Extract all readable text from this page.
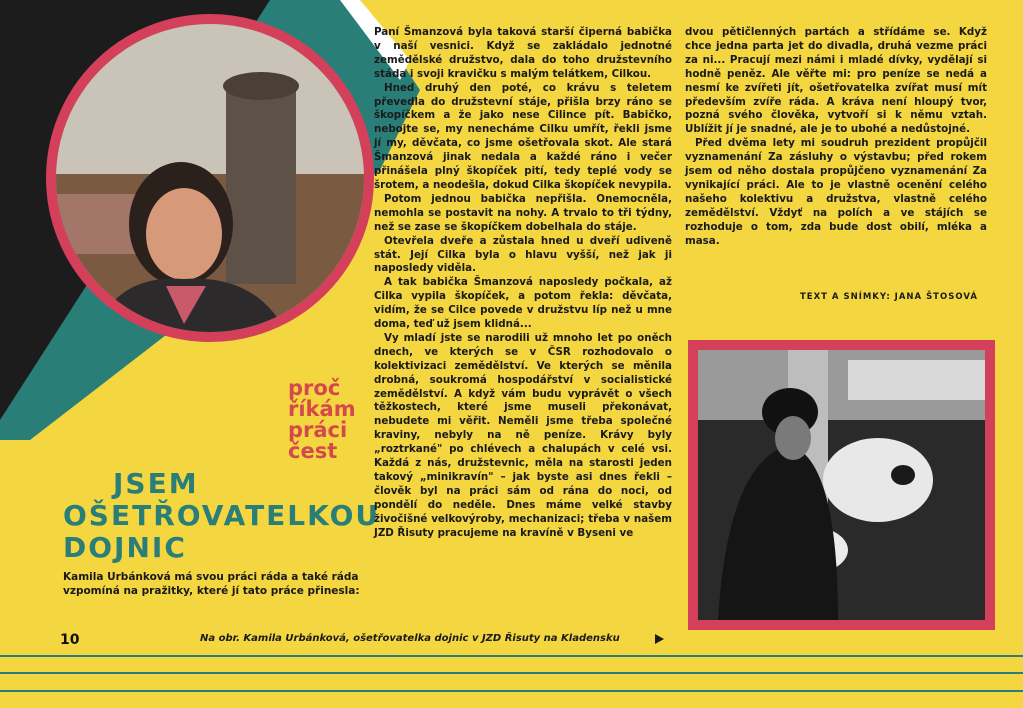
proč
říkám
práci
čest
JSEM
OŠETŘOVATELKOU
DOJNIC
Kamila Urbánková má svou práci ráda a také ráda vzpomíná na pražitky, které jí tato práce přinesla:

Paní Šmanzová byla taková starší čiperná babička v naší vesnici. Když se zakládalo jednotné zemědělské družstvo, dala do toho družstevního stáda i svoji kravičku s malým telátkem, Cilkou.

Hned druhý den poté, co krávu s teletem převedla do družstevní stáje, přišla brzy ráno se škopíčkem a že jako nese Cilince pít. Babičko, nebojte se, my nenecháme Cilku umřít, řekli jsme jí my, děvčata, co jsme ošetřovala skot. Ale stará Šmanzová jinak nedala a každé ráno i večer přinášela plný škopíček pití, tedy teplé vody se šrotem, a neodešla, dokud Cilka škopíček nevypila.

Potom jednou babička nepřišla. Onemocněla, nemohla se postavit na nohy. A trvalo to tři týdny, než se zase se škopíčkem dobelhala do stáje.

Otevřela dveře a zůstala hned u dveří udiveně stát. Její Cilka byla o hlavu vyšší, než jak ji naposledy viděla.

A tak babička Šmanzová naposledy počkala, až Cilka vypila škopíček, a potom řekla: děvčata, vidím, že se Cilce povede v družstvu líp než u mne doma, teď už jsem klidná...

Vy mladí jste se narodili už mnoho let po oněch dnech, ve kterých se v ČSR rozhodovalo o kolektivizaci zemědělství. Ve kterých se měnila drobná, soukromá hospodářství v socialistické zemědělství. A když vám budu vyprávět o všech těžkostech, které jsme museli překonávat, nebudete mi věřit. Neměli jsme třeba společné kraviny, nebyly na ně peníze. Krávy byly „roztrkané" po chlévech a chalupách v celé vsi. Každá z nás, družstevnic, měla na starosti jeden takový „minikravín" – jak byste asi dnes řekli – člověk byl na práci sám od rána do noci, od pondělí do neděle. Dnes máme velké stavby živočišné velkovýroby, mechanizaci; třeba v našem JZD Řisuty pracujeme na kravíně v Byseni ve

dvou pětičlenných partách a střídáme se. Když chce jedna parta jet do divadla, druhá vezme práci za ni... Pracují mezi námi i mladé dívky, vydělají si hodně peněz. Ale věřte mi: pro peníze se nedá a nesmí ke zvířeti jít, ošetřovatelka zvířat musí mít především zvíře ráda. A kráva není hloupý tvor, pozná svého člověka, vytvoří si k němu vztah. Ublížit jí je snadné, ale je to ubohé a nedůstojné.

Před dvěma lety mi soudruh prezident propůjčil vyznamenání Za zásluhy o výstavbu; před rokem jsem od něho dostala propůjčeno vyznamenání Za vynikající práci. Ale to je vlastně ocenění celého našeho kolektivu a družstva, vlastně celého zemědělství. Vždyť na polích a ve stájích se rozhoduje o tom, zda bude dost obilí, mléka a masa.

TEXT A SNÍMKY: JANA ŠTOSOVÁ
10	Na obr. Kamila Urbánková, ošetřovatelka dojnic v JZD Řisuty na Kladensku
